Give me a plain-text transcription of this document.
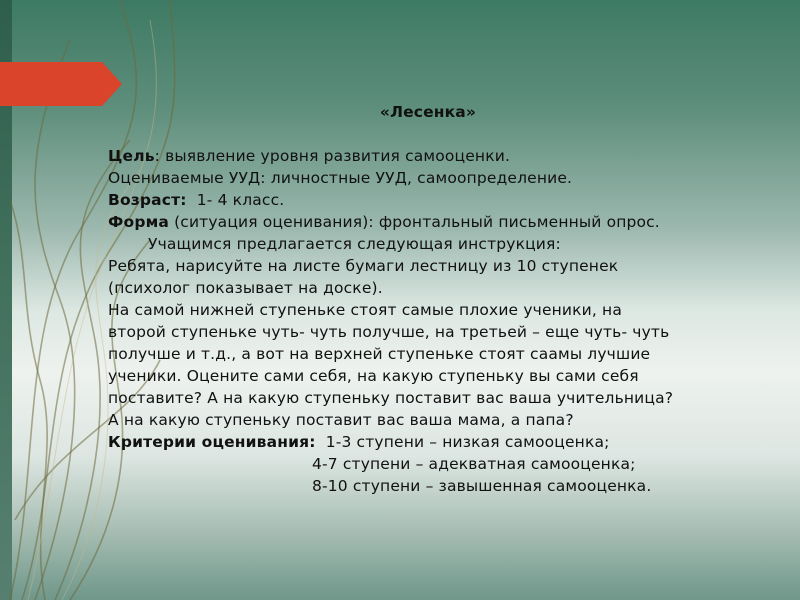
«Лесенка»
Цель: выявление уровня развития самооценки.
Оцениваемые УУД: личностные УУД, самоопределение.
Возраст:  1- 4 класс.
Форма (ситуация оценивания): фронтальный письменный опрос.
Учащимся предлагается следующая инструкция:
Ребята, нарисуйте на листе бумаги лестницу из 10 ступенек
(психолог показывает на доске).
На самой нижней ступеньке стоят самые плохие ученики, на
второй ступеньке чуть- чуть получше, на третьей – еще чуть- чуть
получше и т.д., а вот на верхней ступеньке стоят саамы лучшие
ученики. Оцените сами себя, на какую ступеньку вы сами себя
поставите? А на какую ступеньку поставит вас ваша учительница?
А на какую ступеньку поставит вас ваша мама, а папа?
Критерии оценивания:  1-3 ступени – низкая самооценка;
4-7 ступени – адекватная самооценка;
8-10 ступени – завышенная самооценка.
